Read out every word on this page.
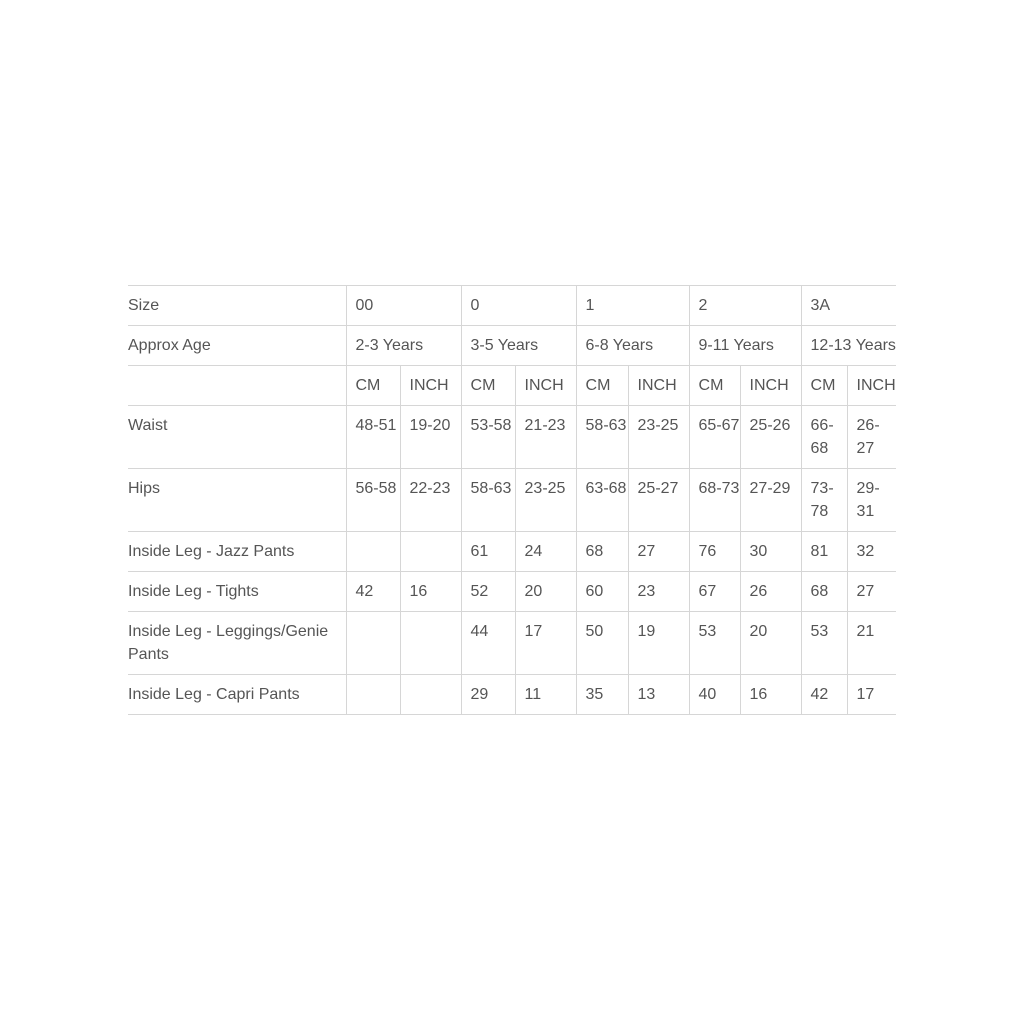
Size	00		0		1		2		3A	
Approx Age	2-3 Years		3-5 Years		6-8 Years		9-11 Years		12-13 Years	
	CM	INCH	CM	INCH	CM	INCH	CM	INCH	CM	INCH
Waist	48-51	19-20	53-58	21-23	58-63	23-25	65-67	25-26	66-68	26-27
Hips	56-58	22-23	58-63	23-25	63-68	25-27	68-73	27-29	73-78	29-31
Inside Leg - Jazz Pants			61	24	68	27	76	30	81	32
Inside Leg - Tights	42	16	52	20	60	23	67	26	68	27
Inside Leg - Leggings/Genie Pants			44	17	50	19	53	20	53	21
Inside Leg - Capri Pants			29	11	35	13	40	16	42	17
